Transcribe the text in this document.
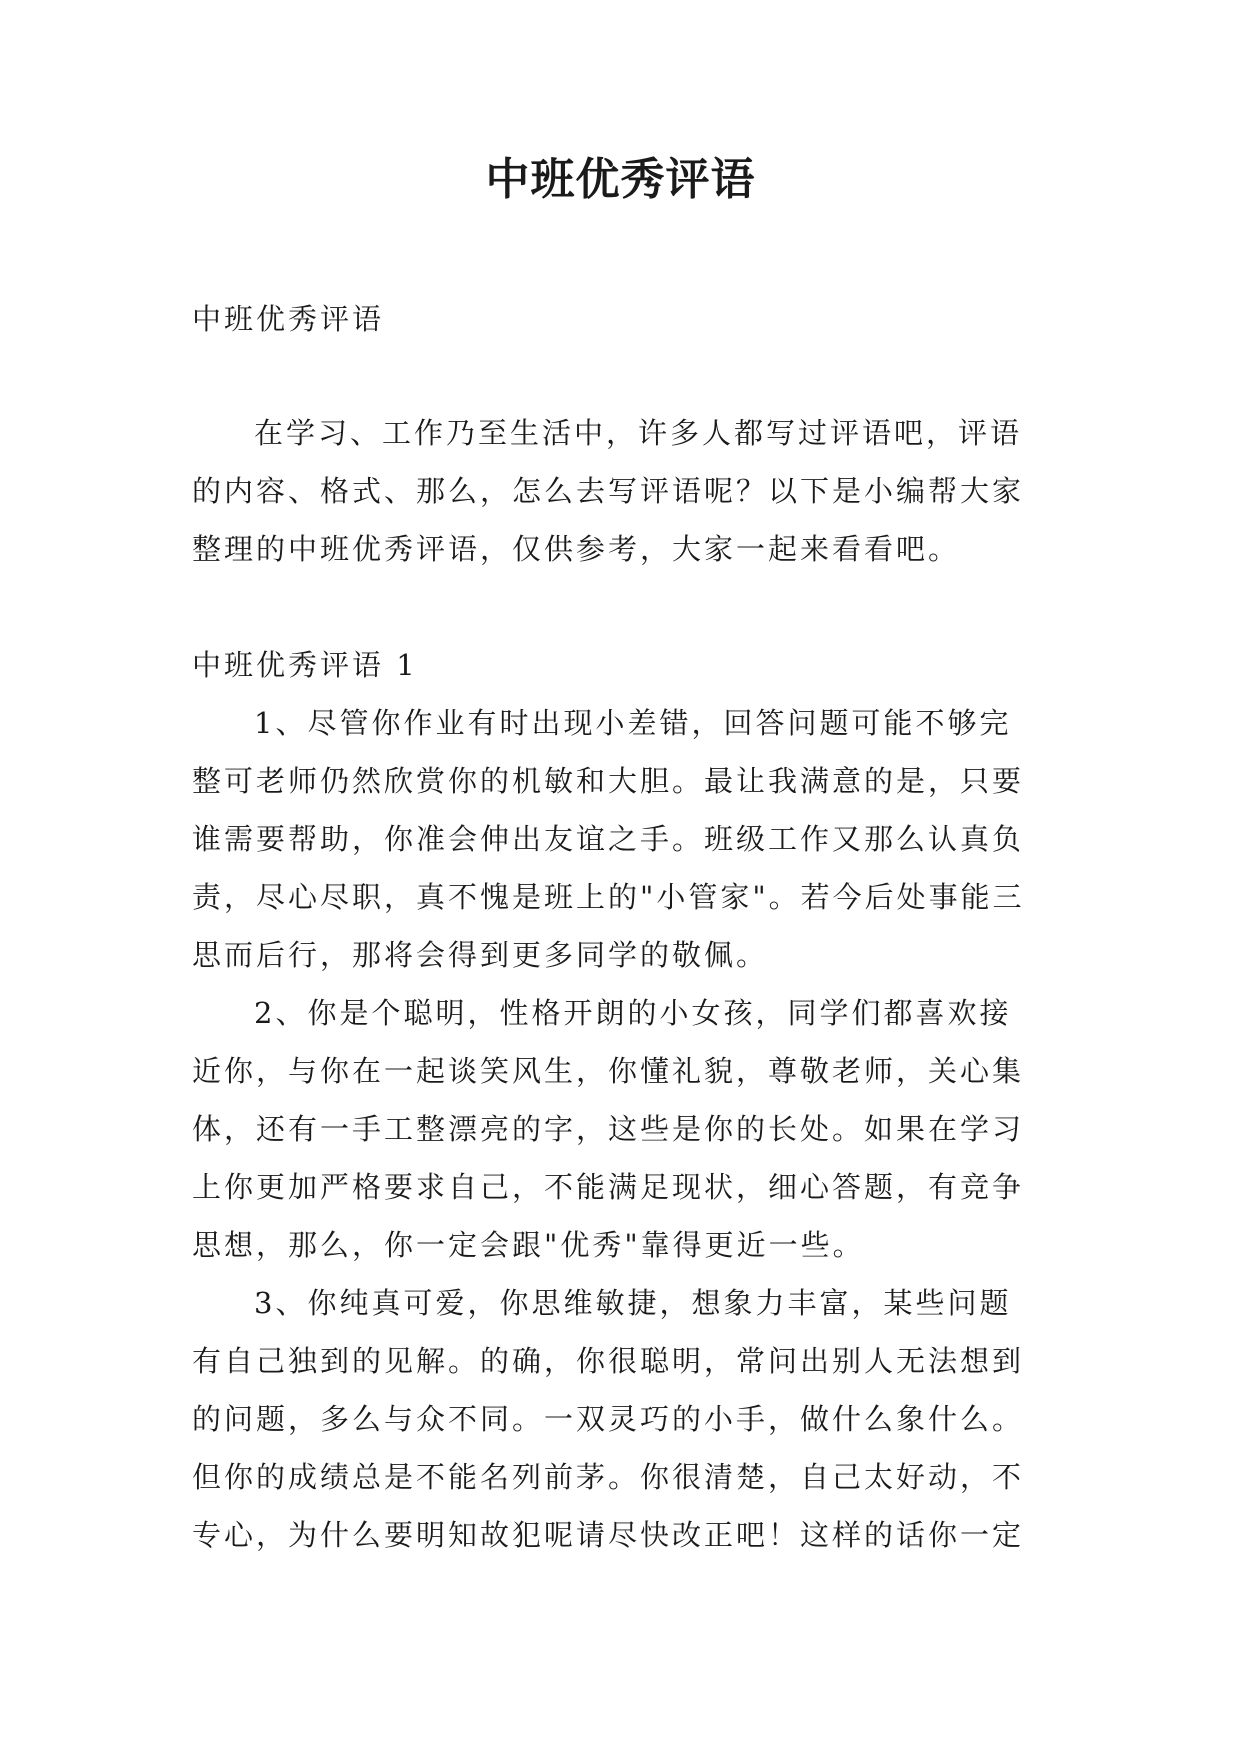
中班优秀评语
中班优秀评语
在学习、工作乃至生活中，许多人都写过评语吧，评语
的内容、格式、那么，怎么去写评语呢？以下是小编帮大家
整理的中班优秀评语，仅供参考，大家一起来看看吧。
中班优秀评语 1
1、尽管你作业有时出现小差错，回答问题可能不够完
整可老师仍然欣赏你的机敏和大胆。最让我满意的是，只要
谁需要帮助，你准会伸出友谊之手。班级工作又那么认真负
责，尽心尽职，真不愧是班上的"小管家"。若今后处事能三
思而后行，那将会得到更多同学的敬佩。
2、你是个聪明，性格开朗的小女孩，同学们都喜欢接
近你，与你在一起谈笑风生，你懂礼貌，尊敬老师，关心集
体，还有一手工整漂亮的字，这些是你的长处。如果在学习
上你更加严格要求自己，不能满足现状，细心答题，有竞争
思想，那么，你一定会跟"优秀"靠得更近一些。
3、你纯真可爱，你思维敏捷，想象力丰富，某些问题
有自己独到的见解。的确，你很聪明，常问出别人无法想到
的问题，多么与众不同。一双灵巧的小手，做什么象什么。
但你的成绩总是不能名列前茅。你很清楚，自己太好动，不
专心，为什么要明知故犯呢请尽快改正吧！这样的话你一定
